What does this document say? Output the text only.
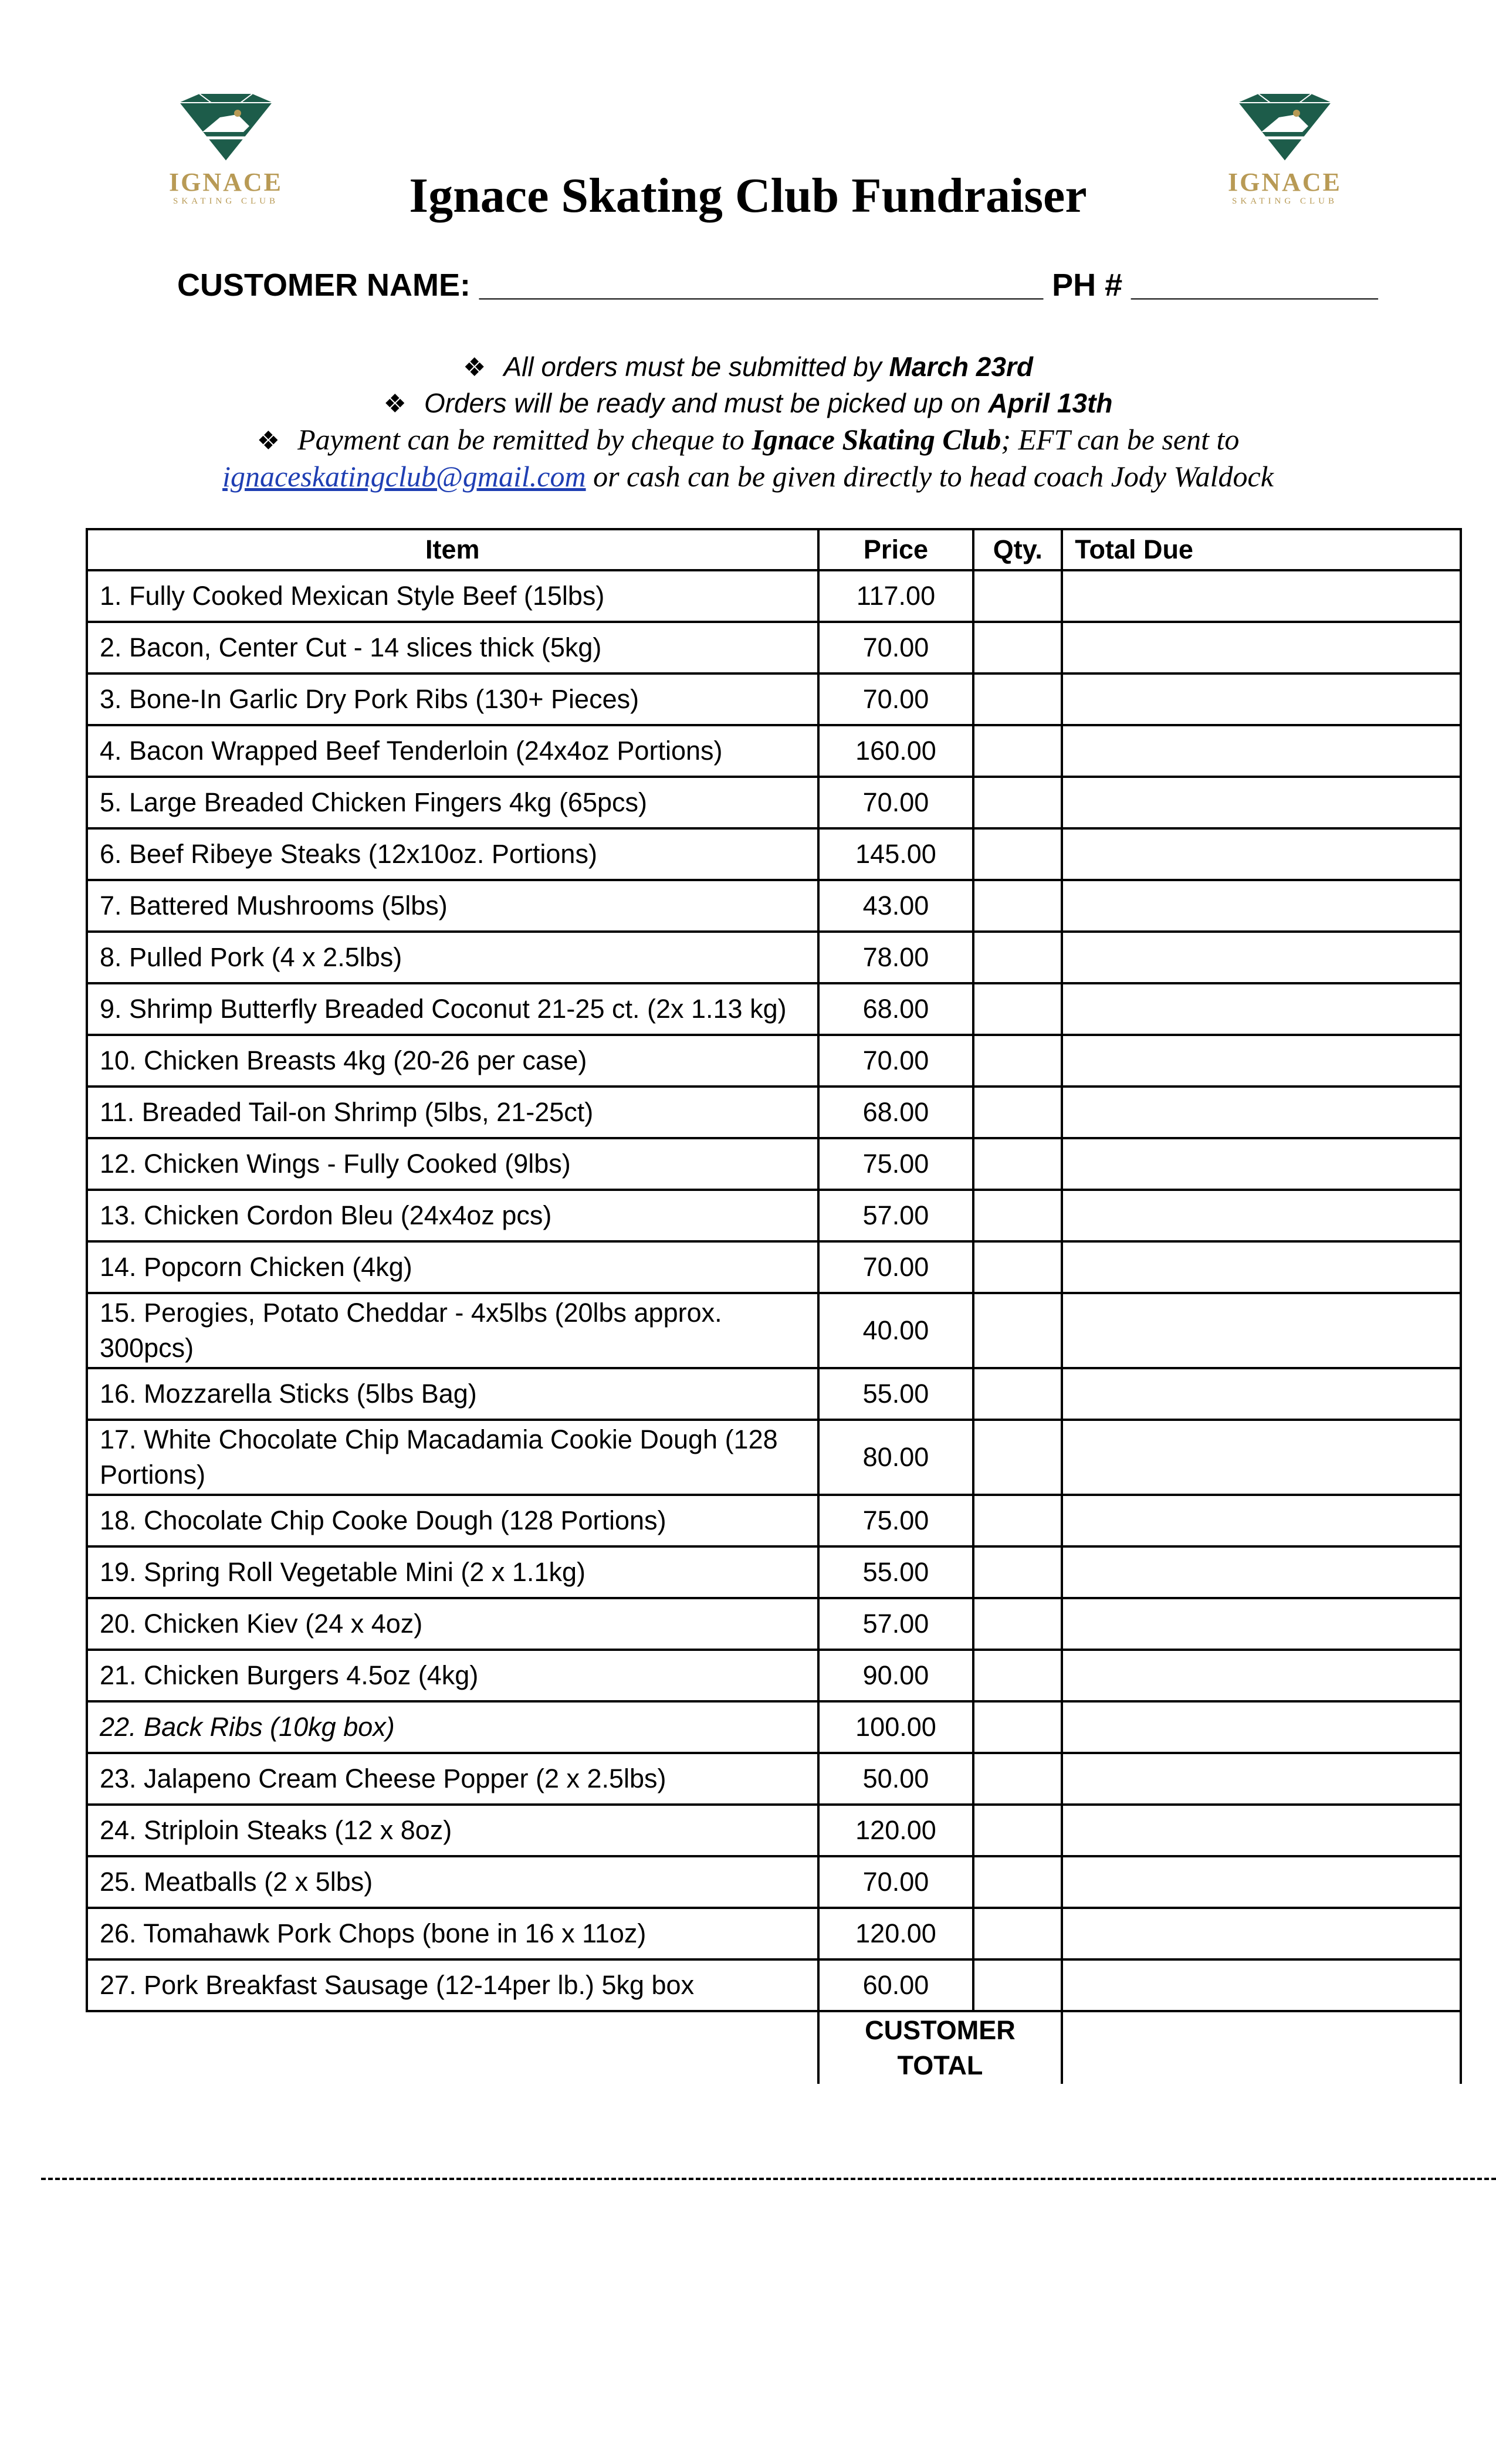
IGNACE
SKATING CLUB
IGNACE
SKATING CLUB
Ignace Skating Club Fundraiser
CUSTOMER NAME: ________________________________ PH # ______________
❖ All orders must be submitted by March 23rd
❖ Orders will be ready and must be picked up on April 13th
❖ Payment can be remitted by cheque to Ignace Skating Club; EFT can be sent to
ignaceskatingclub@gmail.com or cash can be given directly to head coach Jody Waldock
Item	Price	Qty.	Total Due
1. Fully Cooked Mexican Style Beef (15lbs)	117.00		
2. Bacon, Center Cut - 14 slices thick (5kg)	70.00		
3. Bone-In Garlic Dry Pork Ribs (130+ Pieces)	70.00		
4. Bacon Wrapped Beef Tenderloin (24x4oz Portions)	160.00		
5. Large Breaded Chicken Fingers 4kg (65pcs)	70.00		
6. Beef Ribeye Steaks (12x10oz. Portions)	145.00		
7. Battered Mushrooms (5lbs)	43.00		
8. Pulled Pork (4 x 2.5lbs)	78.00		
9. Shrimp Butterfly Breaded Coconut 21-25 ct. (2x 1.13 kg)	68.00		
10. Chicken Breasts 4kg (20-26 per case)	70.00		
11. Breaded Tail-on Shrimp (5lbs, 21-25ct)	68.00		
12. Chicken Wings - Fully Cooked (9lbs)	75.00		
13. Chicken Cordon Bleu (24x4oz pcs)	57.00		
14. Popcorn Chicken (4kg)	70.00		
15. Perogies, Potato Cheddar - 4x5lbs (20lbs approx. 300pcs)	40.00		
16. Mozzarella Sticks (5lbs Bag)	55.00		
17. White Chocolate Chip Macadamia Cookie Dough (128 Portions)	80.00		
18. Chocolate Chip Cooke Dough (128 Portions)	75.00		
19. Spring Roll Vegetable Mini (2 x 1.1kg)	55.00		
20. Chicken Kiev (24 x 4oz)	57.00		
21. Chicken Burgers 4.5oz (4kg)	90.00		
22. Back Ribs (10kg box)	100.00		
23. Jalapeno Cream Cheese Popper (2 x 2.5lbs)	50.00		
24. Striploin Steaks (12 x 8oz)	120.00		
25. Meatballs (2 x 5lbs)	70.00		
26. Tomahawk Pork Chops (bone in 16 x 11oz)	120.00		
27. Pork Breakfast Sausage (12-14per lb.) 5kg box	60.00		
	CUSTOMER
TOTAL		
